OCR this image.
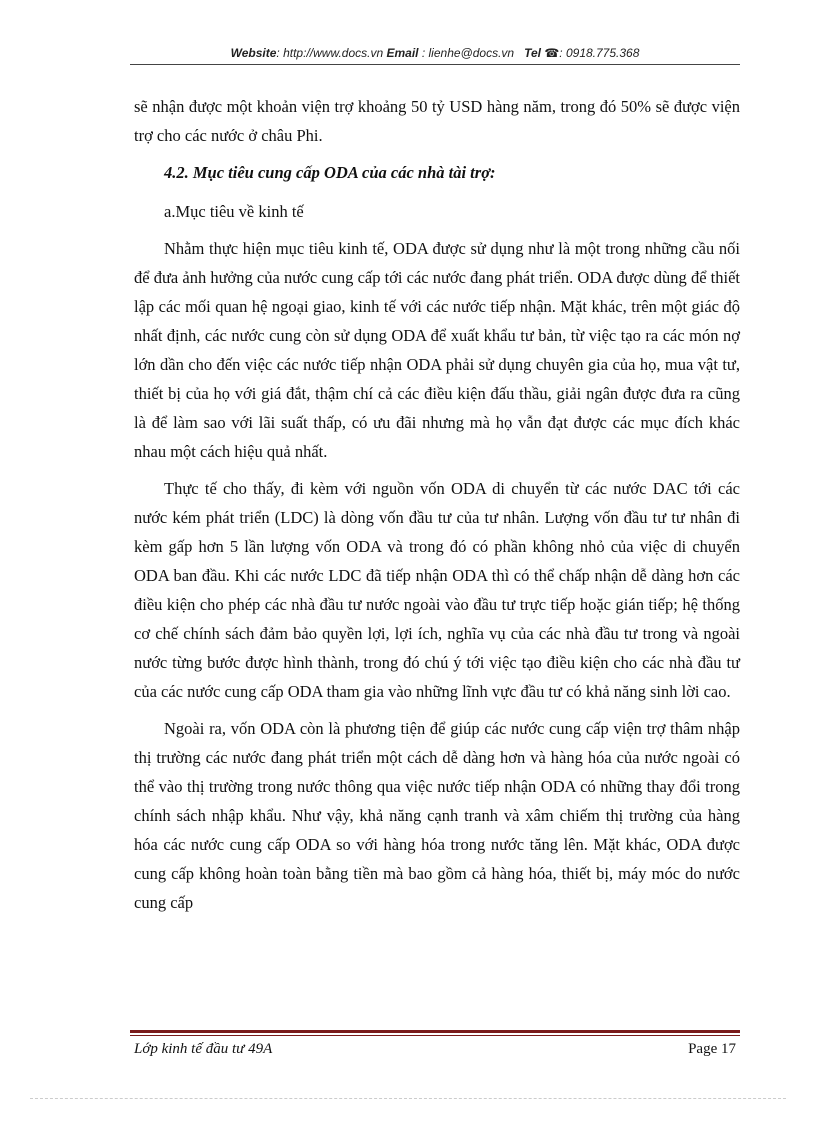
Website: http://www.docs.vn Email : lienhe@docs.vn Tel ☎: 0918.775.368

sẽ nhận được một khoản viện trợ khoảng 50 tỷ USD hàng năm, trong đó 50% sẽ được viện trợ cho các nước ở châu Phi.

4.2. Mục tiêu cung cấp ODA của các nhà tài trợ:

a.Mục tiêu về kinh tế

Nhằm thực hiện mục tiêu kinh tế, ODA được sử dụng như là một trong những cầu nối để đưa ảnh hưởng của nước cung cấp tới các nước đang phát triển. ODA được dùng để thiết lập các mối quan hệ ngoại giao, kinh tế với các nước tiếp nhận. Mặt khác, trên một giác độ nhất định, các nước cung còn sử dụng ODA để xuất khẩu tư bản, từ việc tạo ra các món nợ lớn dần cho đến việc các nước tiếp nhận ODA phải sử dụng chuyên gia của họ, mua vật tư, thiết bị của họ với giá đắt, thậm chí cả các điều kiện đấu thầu, giải ngân được đưa ra cũng là để làm sao với lãi suất thấp, có ưu đãi nhưng mà họ vẫn đạt được các mục đích khác nhau một cách hiệu quả nhất.

Thực tế cho thấy, đi kèm với nguồn vốn ODA di chuyển từ các nước DAC tới các nước kém phát triển (LDC) là dòng vốn đầu tư của tư nhân. Lượng vốn đầu tư tư nhân đi kèm gấp hơn 5 lần lượng vốn ODA và trong đó có phần không nhỏ của việc di chuyển ODA ban đầu. Khi các nước LDC đã tiếp nhận ODA thì có thể chấp nhận dễ dàng hơn các điều kiện cho phép các nhà đầu tư nước ngoài vào đầu tư trực tiếp hoặc gián tiếp; hệ thống cơ chế chính sách đảm bảo quyền lợi, lợi ích, nghĩa vụ của các nhà đầu tư trong và ngoài nước từng bước được hình thành, trong đó chú ý tới việc tạo điều kiện cho các nhà đầu tư của các nước cung cấp ODA tham gia vào những lĩnh vực đầu tư có khả năng sinh lời cao.

Ngoài ra, vốn ODA còn là phương tiện để giúp các nước cung cấp viện trợ thâm nhập thị trường các nước đang phát triển một cách dễ dàng hơn và hàng hóa của nước ngoài có thể vào thị trường trong nước thông qua việc nước tiếp nhận ODA có những thay đổi trong chính sách nhập khẩu. Như vậy, khả năng cạnh tranh và xâm chiếm thị trường của hàng hóa các nước cung cấp ODA so với hàng hóa trong nước tăng lên. Mặt khác, ODA được cung cấp không hoàn toàn bằng tiền mà bao gồm cả hàng hóa, thiết bị, máy móc do nước cung cấp

Lớp kinh tế đầu tư 49A	Page 17
